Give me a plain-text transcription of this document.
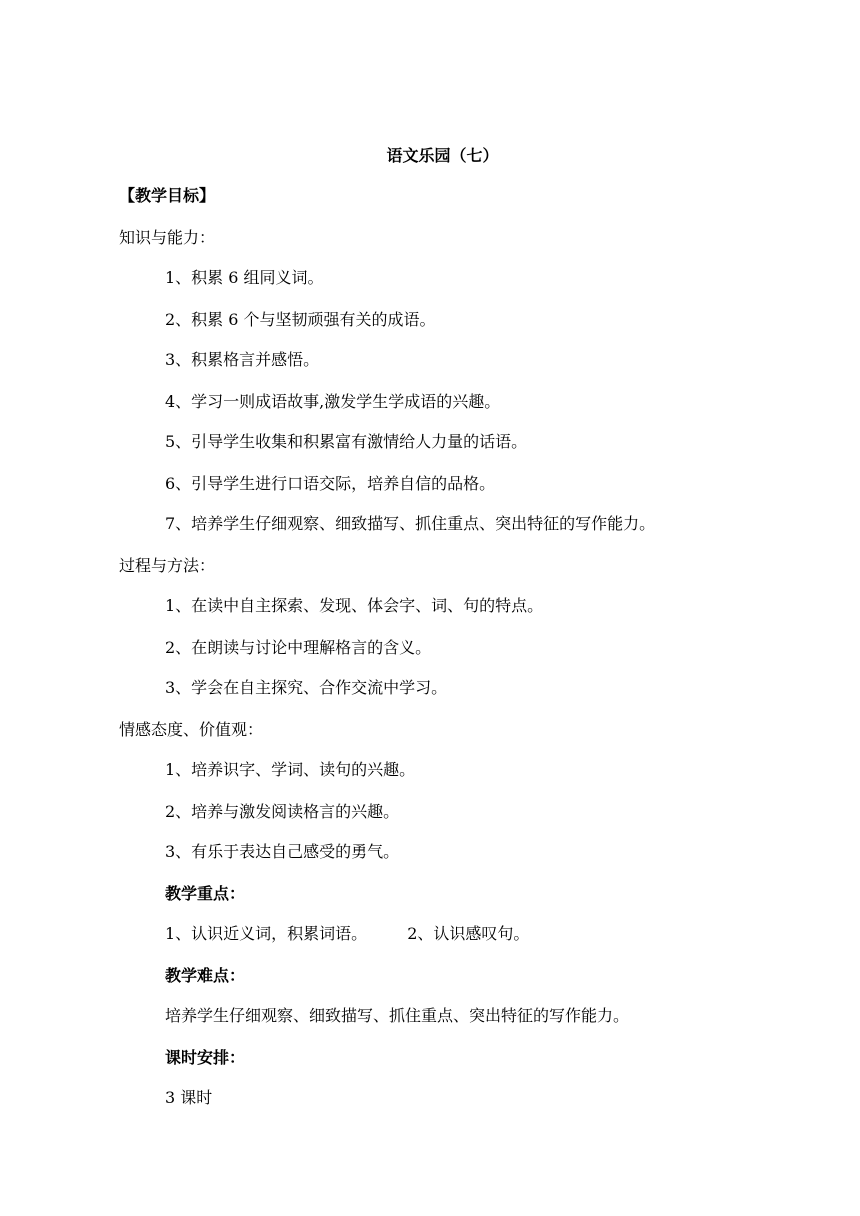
语文乐园（七）
【教学目标】
知识与能力：
1、积累 6 组同义词。
2、积累 6 个与坚韧顽强有关的成语。
3、积累格言并感悟。
4、学习一则成语故事,激发学生学成语的兴趣。
5、引导学生收集和积累富有激情给人力量的话语。
6、引导学生进行口语交际，培养自信的品格。
7、培养学生仔细观察、细致描写、抓住重点、突出特征的写作能力。
过程与方法：
1、在读中自主探索、发现、体会字、词、句的特点。
2、在朗读与讨论中理解格言的含义。
3、学会在自主探究、合作交流中学习。
情感态度、价值观：
1、培养识字、学词、读句的兴趣。
2、培养与激发阅读格言的兴趣。
3、有乐于表达自己感受的勇气。
教学重点：
1、认识近义词，积累词语。	2、认识感叹句。
教学难点：
培养学生仔细观察、细致描写、抓住重点、突出特征的写作能力。
课时安排：
3 课时
